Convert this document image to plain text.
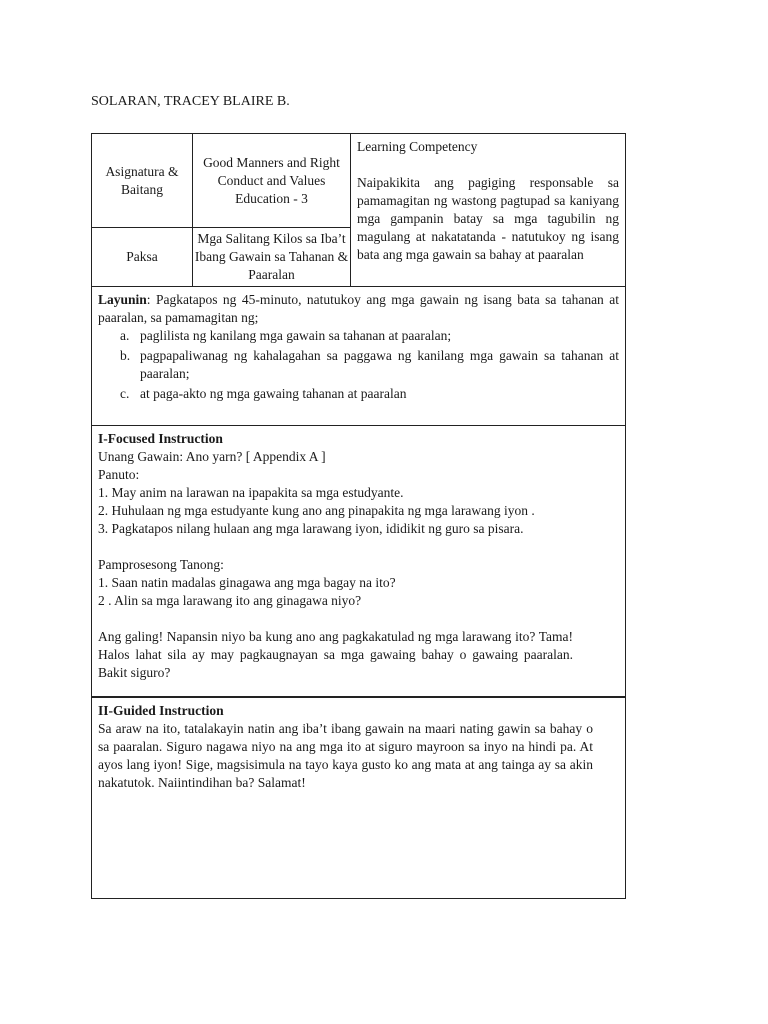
SOLARAN, TRACEY BLAIRE B.
Asignatura & Baitang
Good Manners and Right Conduct and Values Education - 3
Learning Competency
Naipakikita ang pagiging responsable sa pamamagitan ng wastong pagtupad sa kaniyang mga gampanin batay sa mga tagubilin ng magulang at nakatatanda - natutukoy ng isang bata ang mga gawain sa bahay at paaralan
Paksa
Mga Salitang Kilos sa Iba’t Ibang Gawain sa Tahanan & Paaralan

Layunin: Pagkatapos ng 45-minuto, natutukoy ang mga gawain ng isang bata sa tahanan at paaralan, sa pamamagitan ng;

a. paglilista ng kanilang mga gawain sa tahanan at paaralan;
b. pagpapaliwanag ng kahalagahan sa paggawa ng kanilang mga gawain sa tahanan at paaralan;
c. at paga-akto ng mga gawaing tahanan at paaralan
I-Focused Instruction
Unang Gawain: Ano yarn? [ Appendix A ]
Panuto:
1. May anim na larawan na ipapakita sa mga estudyante.
2. Huhulaan ng mga estudyante kung ano ang pinapakita ng mga larawang iyon .
3. Pagkatapos nilang hulaan ang mga larawang iyon, ididikit ng guro sa pisara.
Pamprosesong Tanong:
1. Saan natin madalas ginagawa ang mga bagay na ito?
2 . Alin sa mga larawang ito ang ginagawa niyo?
Ang galing! Napansin niyo ba kung ano ang pagkakatulad ng mga larawang ito? Tama! Halos lahat sila ay may pagkaugnayan sa mga gawaing bahay o gawaing paaralan. Bakit siguro?
II-Guided Instruction
Sa araw na ito, tatalakayin natin ang iba’t ibang gawain na maari nating gawin sa bahay o sa paaralan. Siguro nagawa niyo na ang mga ito at siguro mayroon sa inyo na hindi pa. At ayos lang iyon! Sige, magsisimula na tayo kaya gusto ko ang mata at ang tainga ay sa akin nakatutok. Naiintindihan ba? Salamat!
